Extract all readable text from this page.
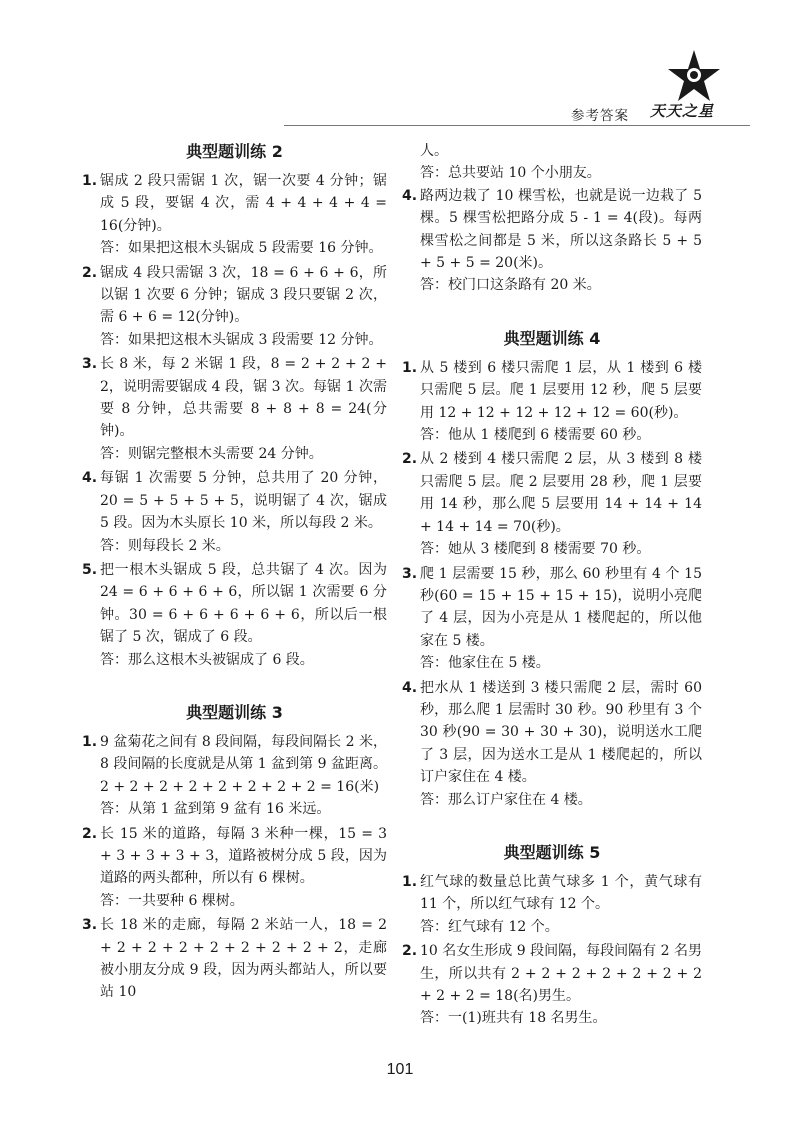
参考答案 天天之星
典型题训练 2
1. 锯成 2 段只需锯 1 次，锯一次要 4 分钟；锯成 5 段，要锯 4 次，需 4 + 4 + 4 + 4 = 16(分钟)。

答：如果把这根木头锯成 5 段需要 16 分钟。

2. 锯成 4 段只需锯 3 次，18 = 6 + 6 + 6，所以锯 1 次要 6 分钟；锯成 3 段只要锯 2 次，需 6 + 6 = 12(分钟)。

答：如果把这根木头锯成 3 段需要 12 分钟。

3. 长 8 米，每 2 米锯 1 段，8 = 2 + 2 + 2 + 2，说明需要锯成 4 段，锯 3 次。每锯 1 次需要 8 分钟，总共需要 8 + 8 + 8 = 24(分钟)。

答：则锯完整根木头需要 24 分钟。

4. 每锯 1 次需要 5 分钟，总共用了 20 分钟，20 = 5 + 5 + 5 + 5，说明锯了 4 次，锯成 5 段。因为木头原长 10 米，所以每段 2 米。

答：则每段长 2 米。

5. 把一根木头锯成 5 段，总共锯了 4 次。因为 24 = 6 + 6 + 6 + 6，所以锯 1 次需要 6 分钟。30 = 6 + 6 + 6 + 6 + 6，所以后一根锯了 5 次，锯成了 6 段。

答：那么这根木头被锯成了 6 段。

典型题训练 3
1. 9 盆菊花之间有 8 段间隔，每段间隔长 2 米，8 段间隔的长度就是从第 1 盆到第 9 盆距离。

2 + 2 + 2 + 2 + 2 + 2 + 2 + 2 = 16(米)

答：从第 1 盆到第 9 盆有 16 米远。

2. 长 15 米的道路，每隔 3 米种一棵，15 = 3 + 3 + 3 + 3 + 3，道路被树分成 5 段，因为道路的两头都种，所以有 6 棵树。

答：一共要种 6 棵树。

3. 长 18 米的走廊，每隔 2 米站一人，18 = 2 + 2 + 2 + 2 + 2 + 2 + 2 + 2 + 2，走廊被小朋友分成 9 段，因为两头都站人，所以要站 10

人。

答：总共要站 10 个小朋友。

4. 路两边栽了 10 棵雪松，也就是说一边栽了 5 棵。5 棵雪松把路分成 5 - 1 = 4(段)。每两棵雪松之间都是 5 米，所以这条路长 5 + 5 + 5 + 5 = 20(米)。

答：校门口这条路有 20 米。

典型题训练 4
1. 从 5 楼到 6 楼只需爬 1 层，从 1 楼到 6 楼只需爬 5 层。爬 1 层要用 12 秒，爬 5 层要用 12 + 12 + 12 + 12 + 12 = 60(秒)。

答：他从 1 楼爬到 6 楼需要 60 秒。

2. 从 2 楼到 4 楼只需爬 2 层，从 3 楼到 8 楼只需爬 5 层。爬 2 层要用 28 秒，爬 1 层要用 14 秒，那么爬 5 层要用 14 + 14 + 14 + 14 + 14 = 70(秒)。

答：她从 3 楼爬到 8 楼需要 70 秒。

3. 爬 1 层需要 15 秒，那么 60 秒里有 4 个 15 秒(60 = 15 + 15 + 15 + 15)，说明小亮爬了 4 层，因为小亮是从 1 楼爬起的，所以他家在 5 楼。

答：他家住在 5 楼。

4. 把水从 1 楼送到 3 楼只需爬 2 层，需时 60 秒，那么爬 1 层需时 30 秒。90 秒里有 3 个 30 秒(90 = 30 + 30 + 30)，说明送水工爬了 3 层，因为送水工是从 1 楼爬起的，所以订户家住在 4 楼。

答：那么订户家住在 4 楼。

典型题训练 5
1. 红气球的数量总比黄气球多 1 个，黄气球有 11 个，所以红气球有 12 个。

答：红气球有 12 个。

2. 10 名女生形成 9 段间隔，每段间隔有 2 名男生，所以共有 2 + 2 + 2 + 2 + 2 + 2 + 2 + 2 + 2 = 18(名)男生。

答：一(1)班共有 18 名男生。

101
